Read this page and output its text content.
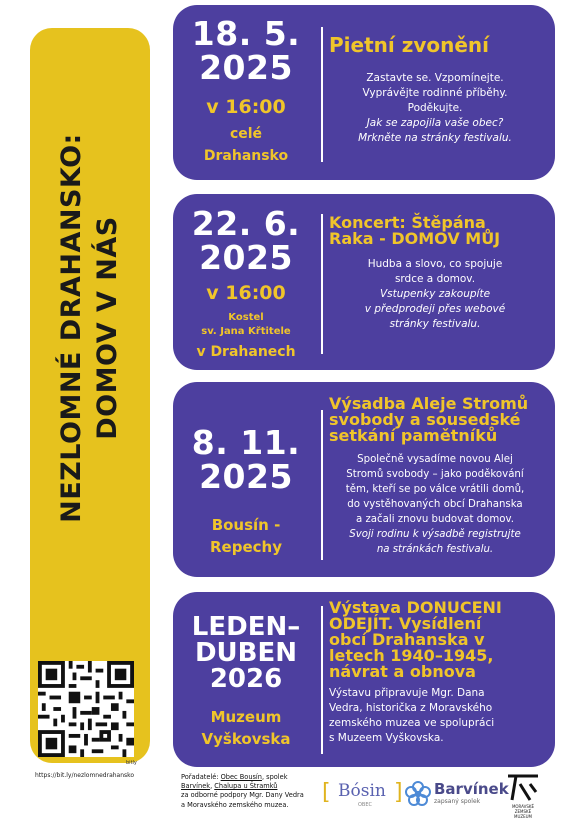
NEZLOMNÉ DRAHANSKO: DOMOV V NÁS
https://bit.ly/nezlomnedrahansko
bitly
18. 5.
2025
v 16:00
celé
Drahansko
Pietní zvonění
Zastavte se. Vzpomínejte.
Vyprávějte rodinné příběhy.
Poděkujte.
Jak se zapojila vaše obec?
Mrkněte na stránky festivalu.
22. 6.
2025
v 16:00
Kostel
sv. Jana Křtitele
v Drahanech
Koncert: Štěpána
Raka - DOMOV MŮJ
Hudba a slovo, co spojuje
srdce a domov.
Vstupenky zakoupíte
v předprodeji přes webové
stránky festivalu.
8. 11.
2025
Bousín -
Repechy
Výsadba Aleje Stromů
svobody a sousedské
setkání pamětníků
Společně vysadíme novou Alej
Stromů svobody – jako poděkování
těm, kteří se po válce vrátili domů,
do vystěhovaných obcí Drahanska
a začali znovu budovat domov.
Svoji rodinu k výsadbě registrujte
na stránkách festivalu.
LEDEN–
DUBEN
2026
Muzeum
Vyškovska
Výstava DONUCENI
ODEJÍT. Vysídlení
obcí Drahanska v
letech 1940–1945,
návrat a obnova
Výstavu připravuje Mgr. Dana
Vedra, historička z Moravského
zemského muzea ve spolupráci
s Muzeem Vyškovska.
Pořadatelé: Obec Bousín, spolek
Barvínek, Chalupa u Štramků
za odborné podpory Mgr. Dany Vedra
a Moravského zemského muzea.	[ Bósin ]
OBEC
Barvínek
zapsaný spolek
MORAVSKÉ
ZEMSKÉ
MUZEUM
